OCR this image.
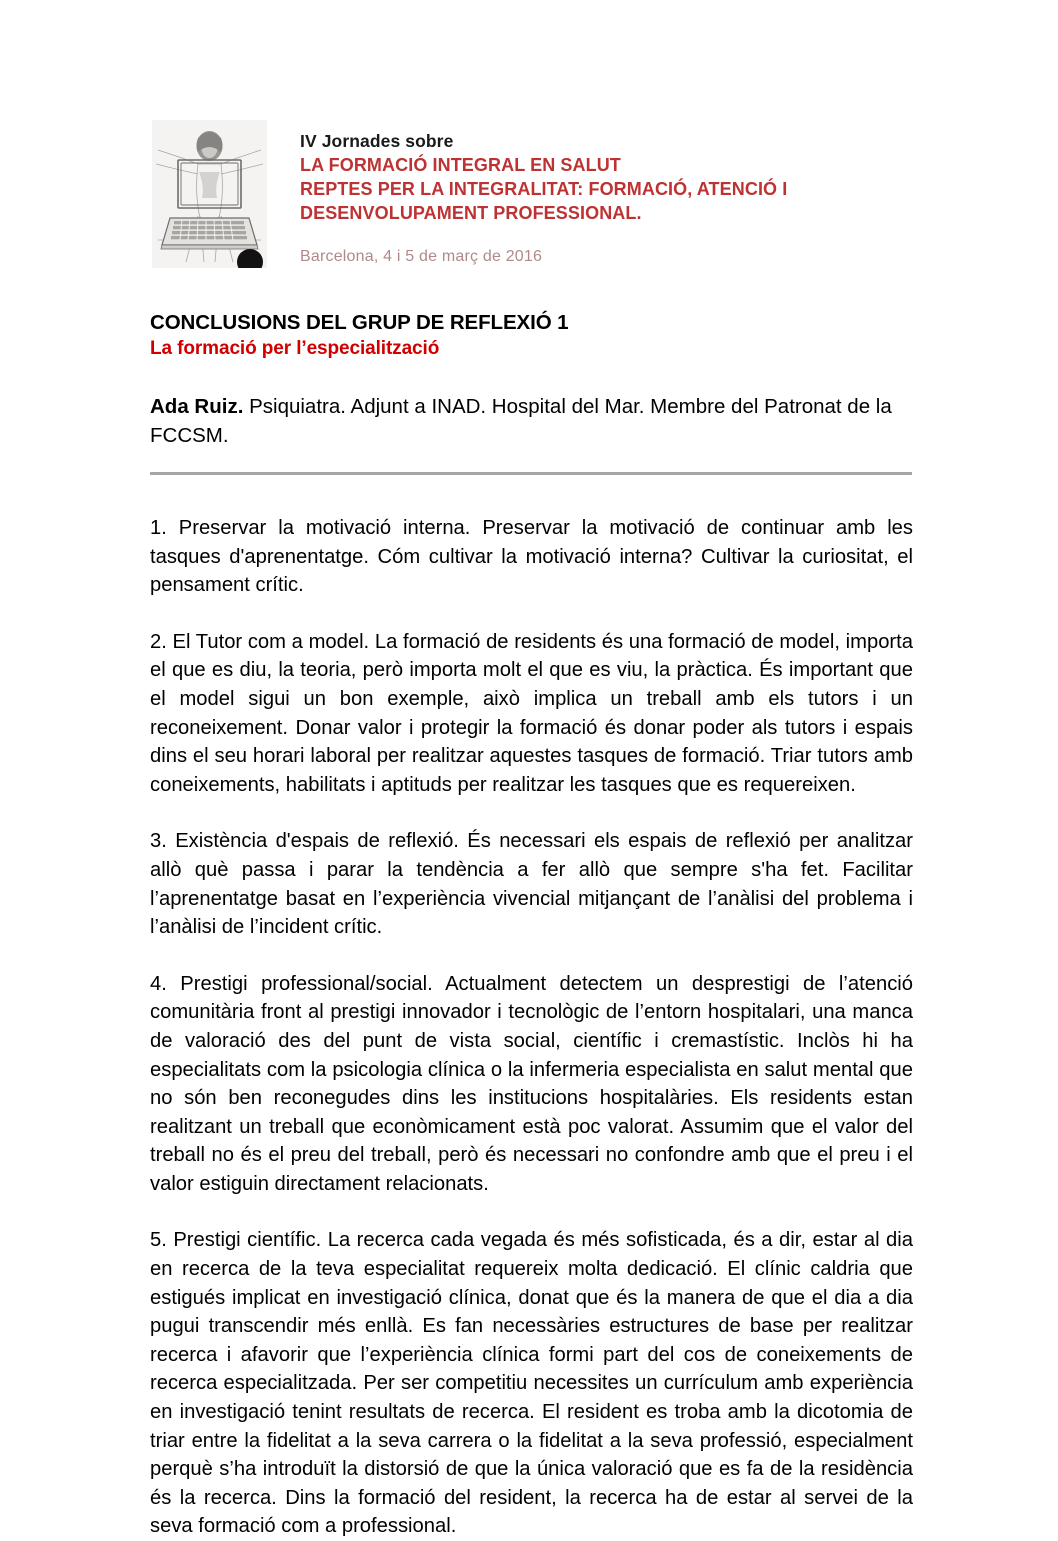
IV Jornades sobre
LA FORMACIÓ INTEGRAL EN SALUT
REPTES PER LA INTEGRALITAT: FORMACIÓ, ATENCIÓ I
DESENVOLUPAMENT PROFESSIONAL.
Barcelona, 4 i 5 de març de 2016
CONCLUSIONS DEL GRUP DE REFLEXIÓ 1
La formació per l’especialització
Ada Ruiz. Psiquiatra. Adjunt a INAD. Hospital del Mar. Membre del Patronat de la FCCSM.

1. Preservar la motivació interna. Preservar la motivació de continuar amb les tasques d'aprenentatge. Cóm cultivar la motivació interna? Cultivar la curiositat, el pensament crític.

2. El Tutor com a model. La formació de residents és una formació de model, importa el que es diu, la teoria, però importa molt el que es viu, la pràctica. És important que el model sigui un bon exemple, això implica un treball amb els tutors i un reconeixement. Donar valor i protegir la formació és donar poder als tutors i espais dins el seu horari laboral per realitzar aquestes tasques de formació. Triar tutors amb coneixements, habilitats i aptituds per realitzar les tasques que es requereixen.

3. Existència d'espais de reflexió. És necessari els espais de reflexió per analitzar allò què passa i parar la tendència a fer allò que sempre s'ha fet. Facilitar l’aprenentatge basat en l’experiència vivencial mitjançant de l’anàlisi del problema i l’anàlisi de l’incident crític.

4. Prestigi professional/social. Actualment detectem un desprestigi de l’atenció comunitària front al prestigi innovador i tecnològic de l’entorn hospitalari, una manca de valoració des del punt de vista social, científic i cremastístic. Inclòs hi ha especialitats com la psicologia clínica o la infermeria especialista en salut mental que no són ben reconegudes dins les institucions hospitalàries. Els residents estan realitzant un treball que econòmicament està poc valorat. Assumim que el valor del treball no és el preu del treball, però és necessari no confondre amb que el preu i el valor estiguin directament relacionats.

5. Prestigi científic. La recerca cada vegada és més sofisticada, és a dir, estar al dia en recerca de la teva especialitat requereix molta dedicació. El clínic caldria que estigués implicat en investigació clínica, donat que és la manera de que el dia a dia pugui transcendir més enllà. Es fan necessàries estructures de base per realitzar recerca i afavorir que l’experiència clínica formi part del cos de coneixements de recerca especialitzada. Per ser competitiu necessites un currículum amb experiència en investigació tenint resultats de recerca. El resident es troba amb la dicotomia de triar entre la fidelitat a la seva carrera o la fidelitat a la seva professió, especialment perquè s’ha introduït la distorsió de que la única valoració que es fa de la residència és la recerca. Dins la formació del resident, la recerca ha de estar al servei de la seva formació com a professional.
